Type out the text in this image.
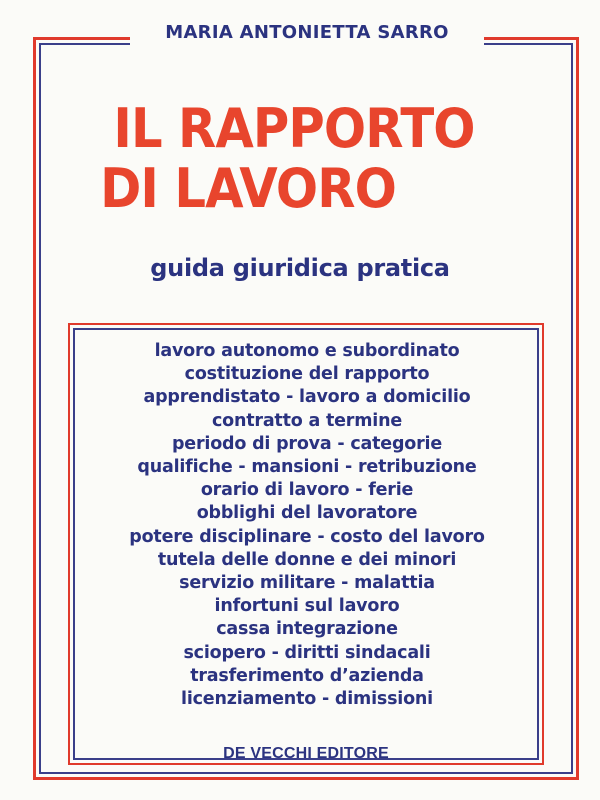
MARIA ANTONIETTA SARRO
IL RAPPORTO
DI LAVORO
guida giuridica pratica
lavoro autonomo e subordinato
costituzione del rapporto
apprendistato - lavoro a domicilio
contratto a termine
periodo di prova - categorie
qualifiche - mansioni - retribuzione
orario di lavoro - ferie
obblighi del lavoratore
potere disciplinare - costo del lavoro
tutela delle donne e dei minori
servizio militare - malattia
infortuni sul lavoro
cassa integrazione
sciopero - diritti sindacali
trasferimento d’azienda
licenziamento - dimissioni
DE VECCHI EDITORE
